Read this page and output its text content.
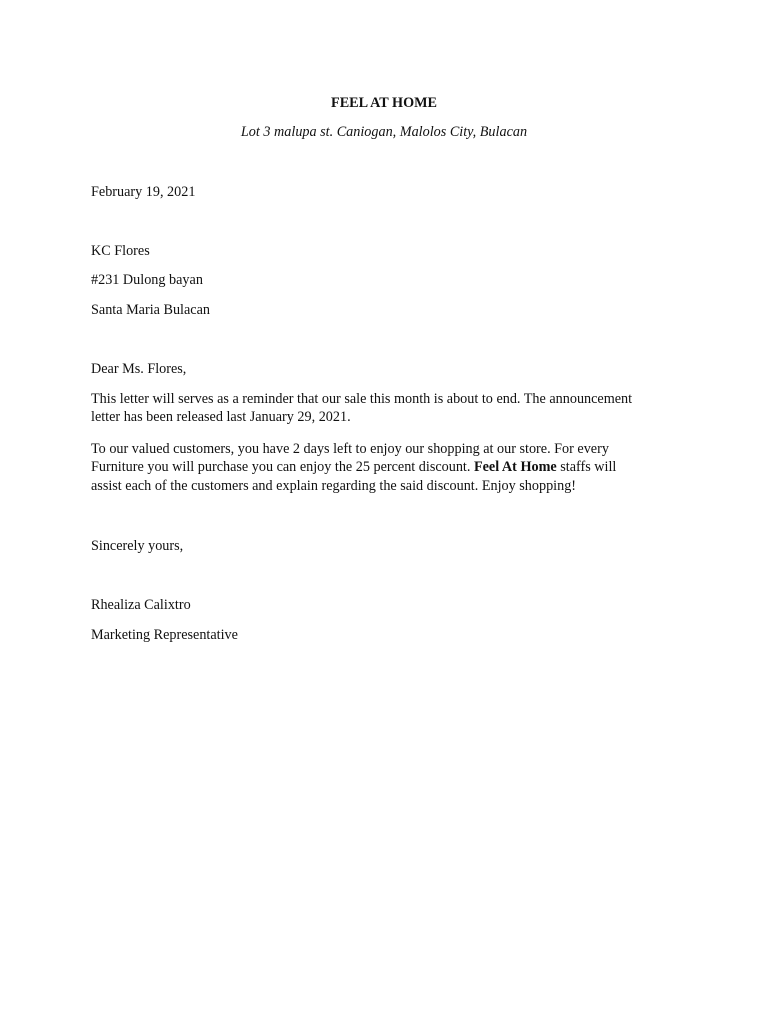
FEEL AT HOME
Lot 3 malupa st. Caniogan, Malolos City, Bulacan
February 19, 2021
KC Flores
#231 Dulong bayan
Santa Maria Bulacan
Dear Ms. Flores,
This letter will serves as a reminder that our sale this month is about to end. The announcement
letter has been released last January 29, 2021.
To our valued customers, you have 2 days left to enjoy our shopping at our store. For every
Furniture you will purchase you can enjoy the 25 percent discount. Feel At Home staffs will
assist each of the customers and explain regarding the said discount. Enjoy shopping!
Sincerely yours,
Rhealiza Calixtro
Marketing Representative
